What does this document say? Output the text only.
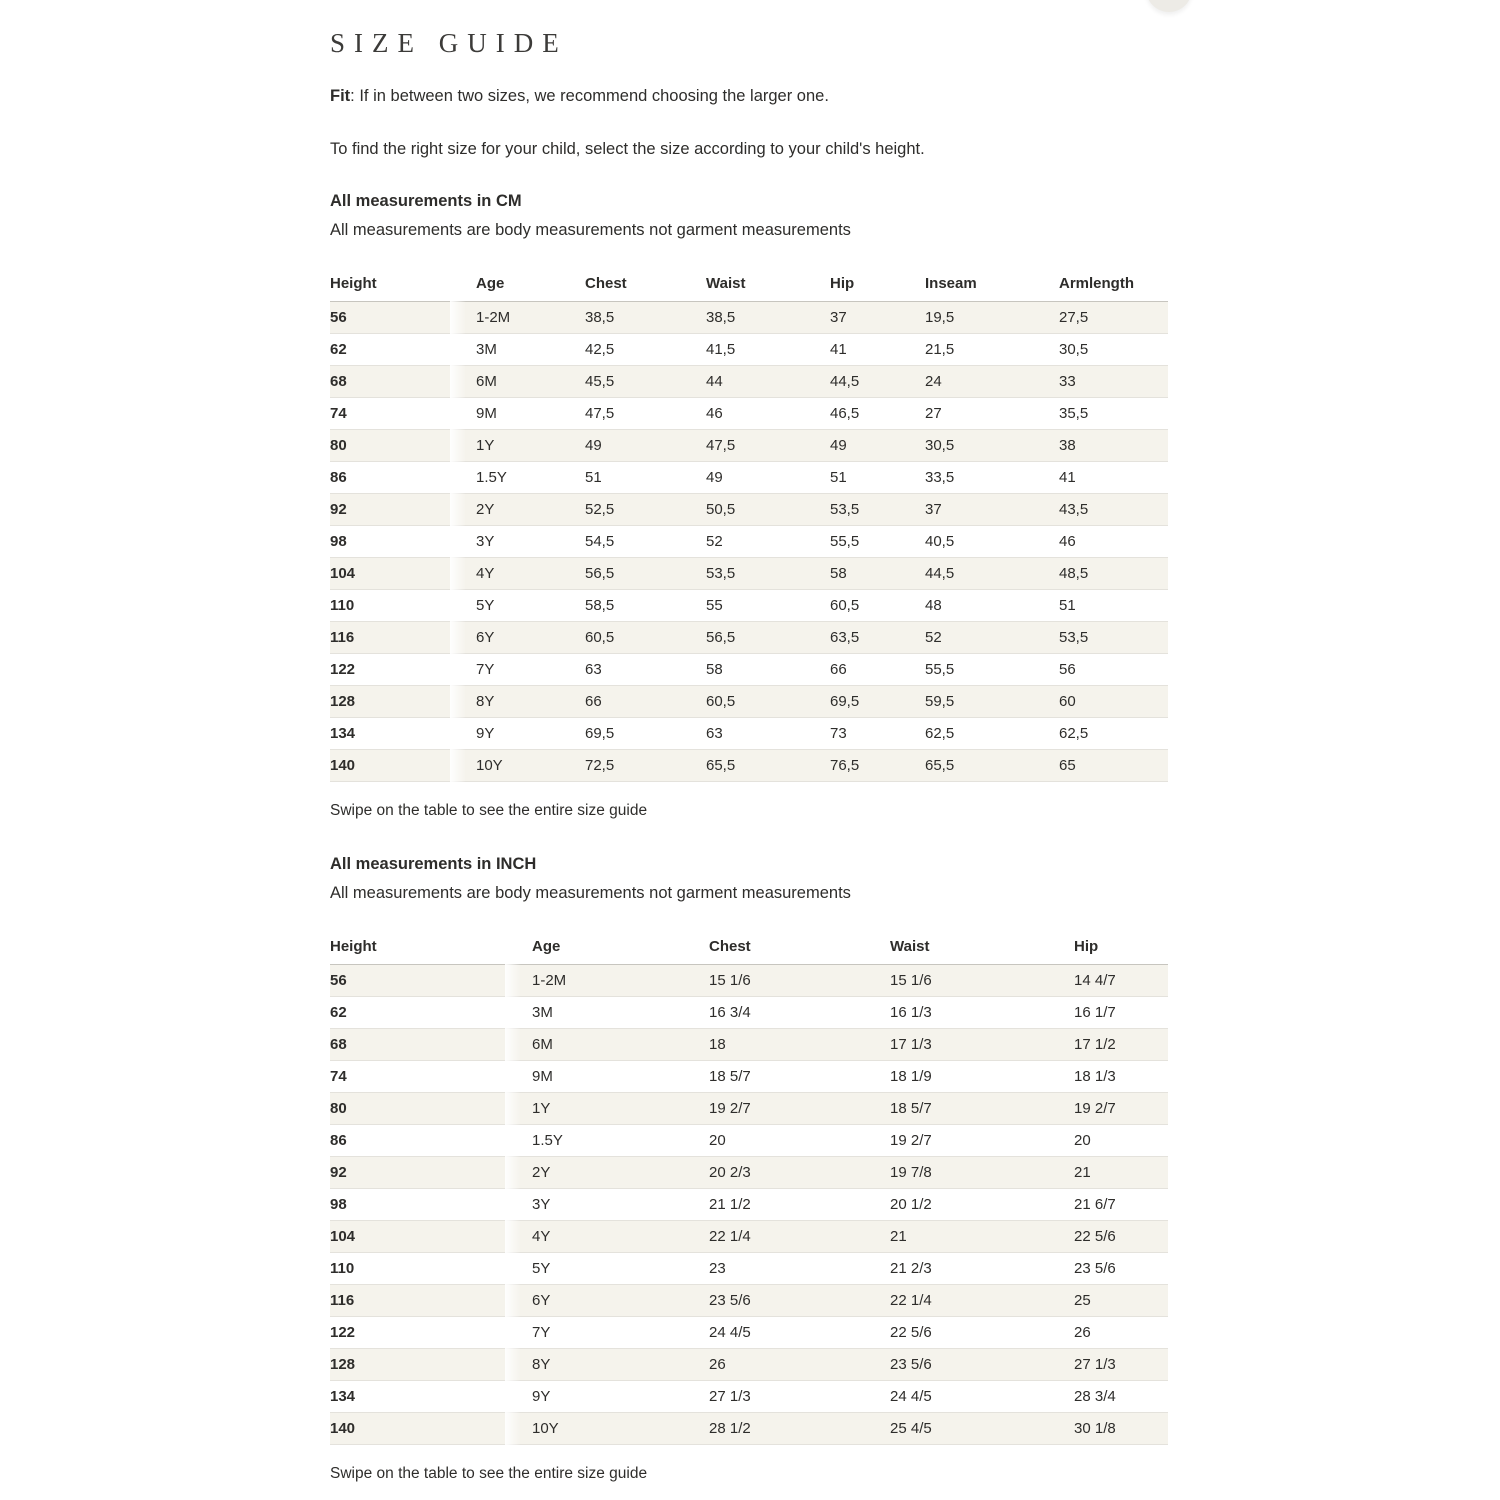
SIZE GUIDE

Fit: If in between two sizes, we recommend choosing the larger one.

To find the right size for your child, select the size according to your child's height.

All measurements in CM

All measurements are body measurements not garment measurements

Height	Age	Chest	Waist	Hip	Inseam	Armlength
56	1-2M	38,5	38,5	37	19,5	27,5
62	3M	42,5	41,5	41	21,5	30,5
68	6M	45,5	44	44,5	24	33
74	9M	47,5	46	46,5	27	35,5
80	1Y	49	47,5	49	30,5	38
86	1.5Y	51	49	51	33,5	41
92	2Y	52,5	50,5	53,5	37	43,5
98	3Y	54,5	52	55,5	40,5	46
104	4Y	56,5	53,5	58	44,5	48,5
110	5Y	58,5	55	60,5	48	51
116	6Y	60,5	56,5	63,5	52	53,5
122	7Y	63	58	66	55,5	56
128	8Y	66	60,5	69,5	59,5	60
134	9Y	69,5	63	73	62,5	62,5
140	10Y	72,5	65,5	76,5	65,5	65

Swipe on the table to see the entire size guide

All measurements in INCH

All measurements are body measurements not garment measurements

Height	Age	Chest	Waist	Hip
56	1-2M	15 1/6	15 1/6	14 4/7
62	3M	16 3/4	16 1/3	16 1/7
68	6M	18	17 1/3	17 1/2
74	9M	18 5/7	18 1/9	18 1/3
80	1Y	19 2/7	18 5/7	19 2/7
86	1.5Y	20	19 2/7	20
92	2Y	20 2/3	19 7/8	21
98	3Y	21 1/2	20 1/2	21 6/7
104	4Y	22 1/4	21	22 5/6
110	5Y	23	21 2/3	23 5/6
116	6Y	23 5/6	22 1/4	25
122	7Y	24 4/5	22 5/6	26
128	8Y	26	23 5/6	27 1/3
134	9Y	27 1/3	24 4/5	28 3/4
140	10Y	28 1/2	25 4/5	30 1/8

Swipe on the table to see the entire size guide
